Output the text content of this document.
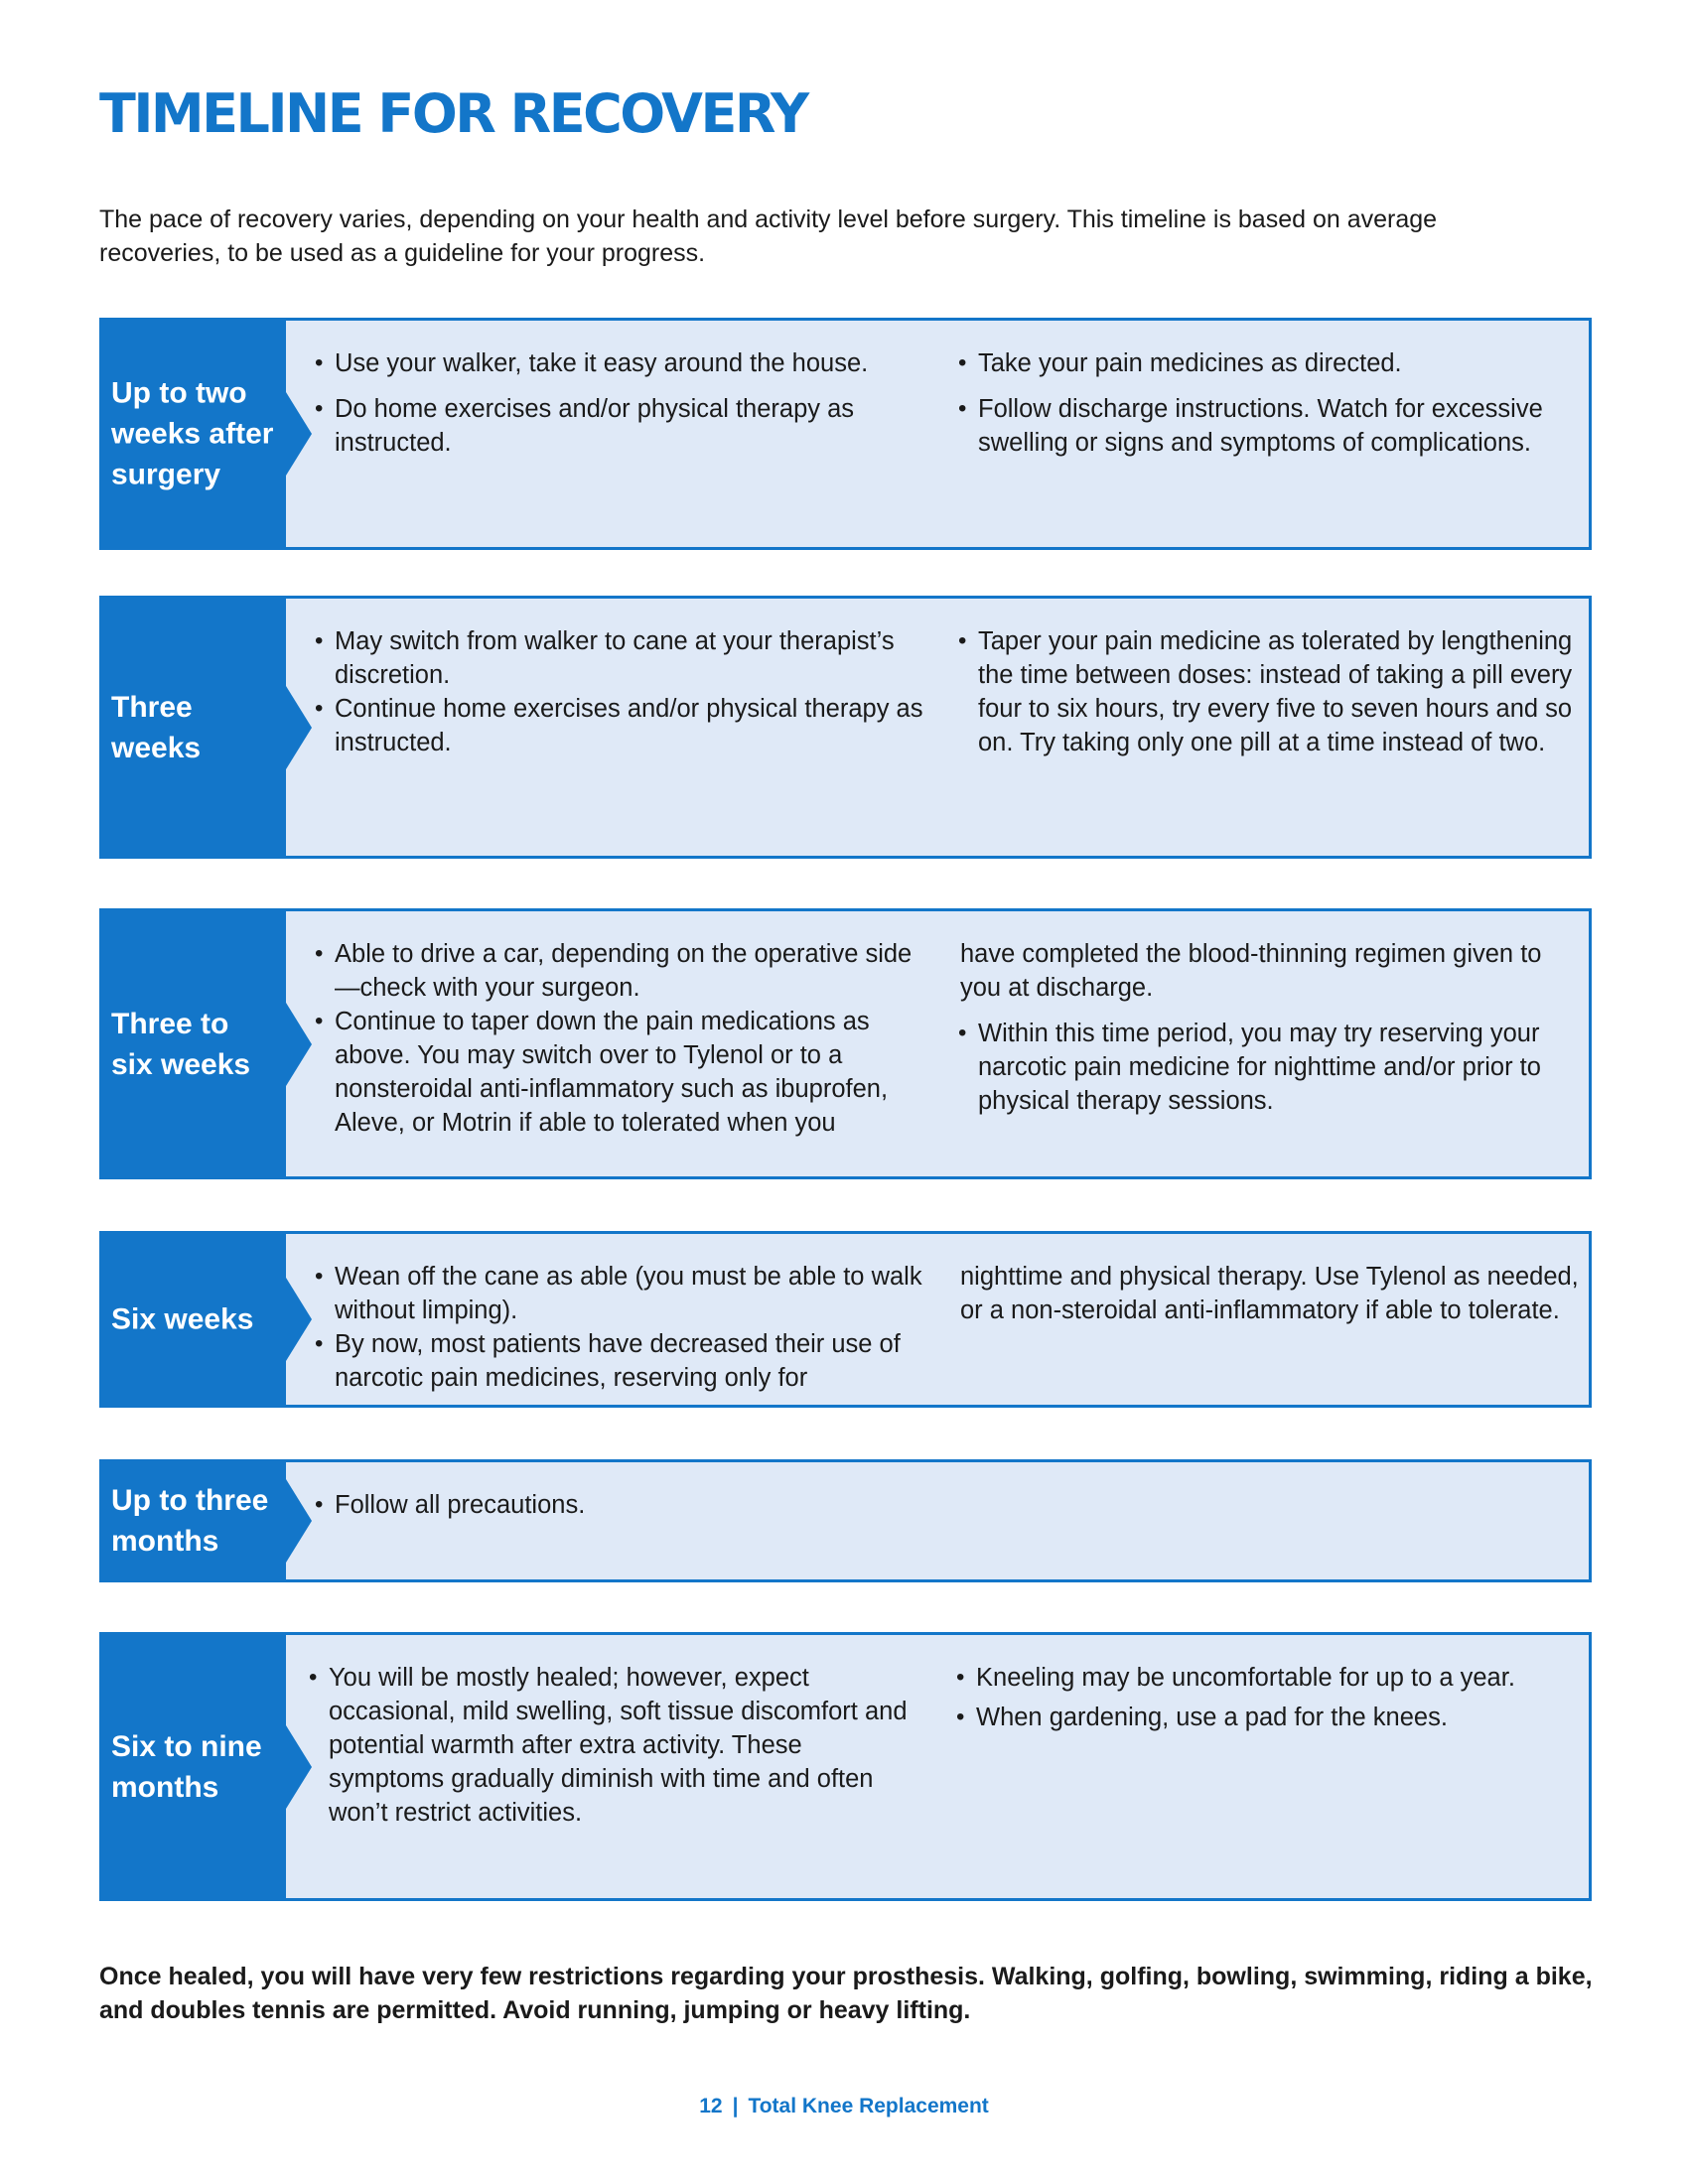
TIMELINE FOR RECOVERY

The pace of recovery varies, depending on your health and activity level before surgery. This timeline is based on average recoveries, to be used as a guideline for your progress.

Up to two weeks after surgery
• Use your walker, take it easy around the house.
• Do home exercises and/or physical therapy as instructed.
• Take your pain medicines as directed.
• Follow discharge instructions. Watch for excessive swelling or signs and symptoms of complications.
Three weeks
• May switch from walker to cane at your therapist’s discretion.
• Continue home exercises and/or physical therapy as instructed.
• Taper your pain medicine as tolerated by lengthening the time between doses: instead of taking a pill every four to six hours, try every five to seven hours and so on. Try taking only one pill at a time instead of two.
Three to six weeks
• Able to drive a car, depending on the operative side—check with your surgeon.
• Continue to taper down the pain medications as above. You may switch over to Tylenol or to a nonsteroidal anti-inflammatory such as ibuprofen, Aleve, or Motrin if able to tolerated when you
have completed the blood-thinning regimen given to you at discharge.
• Within this time period, you may try reserving your narcotic pain medicine for nighttime and/or prior to physical therapy sessions.
Six weeks
• Wean off the cane as able (you must be able to walk without limping).
• By now, most patients have decreased their use of narcotic pain medicines, reserving only for
nighttime and physical therapy. Use Tylenol as needed, or a non-steroidal anti-inflammatory if able to tolerate.
Up to three months
• Follow all precautions.
Six to nine months
• You will be mostly healed; however, expect occasional, mild swelling, soft tissue discomfort and potential warmth after extra activity. These symptoms gradually diminish with time and often won’t restrict activities.
• Kneeling may be uncomfortable for up to a year.
• When gardening, use a pad for the knees.

Once healed, you will have very few restrictions regarding your prosthesis. Walking, golfing, bowling, swimming, riding a bike, and doubles tennis are permitted. Avoid running, jumping or heavy lifting.

12 | Total Knee Replacement
